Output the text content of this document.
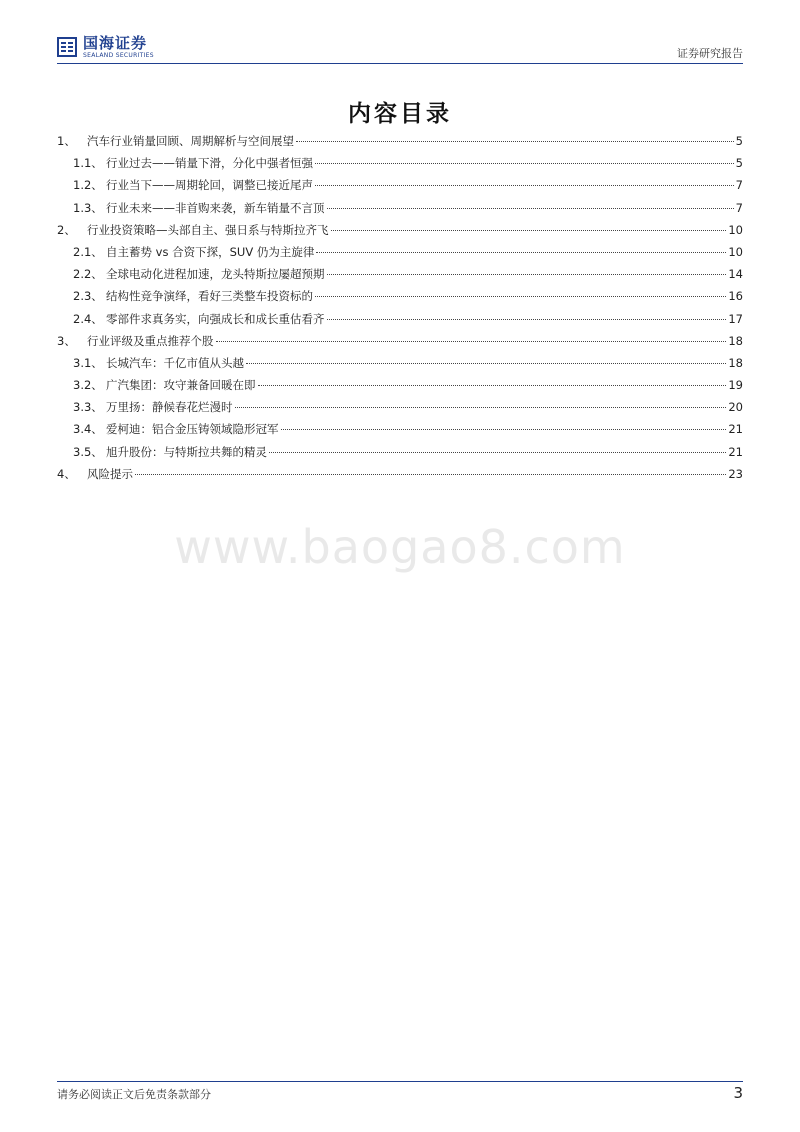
国海证券
SEALAND SECURITIES	证券研究报告
内容目录
1、 汽车行业销量回顾、周期解析与空间展望	5
1.1、 行业过去——销量下滑，分化中强者恒强	5
1.2、 行业当下——周期轮回，调整已接近尾声	7
1.3、 行业未来——非首购来袭，新车销量不言顶	7
2、 行业投资策略—头部自主、强日系与特斯拉齐飞	10
2.1、 自主蓄势 vs 合资下探，SUV 仍为主旋律	10
2.2、 全球电动化进程加速，龙头特斯拉屡超预期	14
2.3、 结构性竞争演绎，看好三类整车投资标的	16
2.4、 零部件求真务实，向强成长和成长重估看齐	17
3、 行业评级及重点推荐个股	18
3.1、 长城汽车：千亿市值从头越	18
3.2、 广汽集团：攻守兼备回暖在即	19
3.3、 万里扬：静候春花烂漫时	20
3.4、 爱柯迪：铝合金压铸领域隐形冠军	21
3.5、 旭升股份：与特斯拉共舞的精灵	21
4、 风险提示	23
www.baogao8.com
请务必阅读正文后免责条款部分	3
